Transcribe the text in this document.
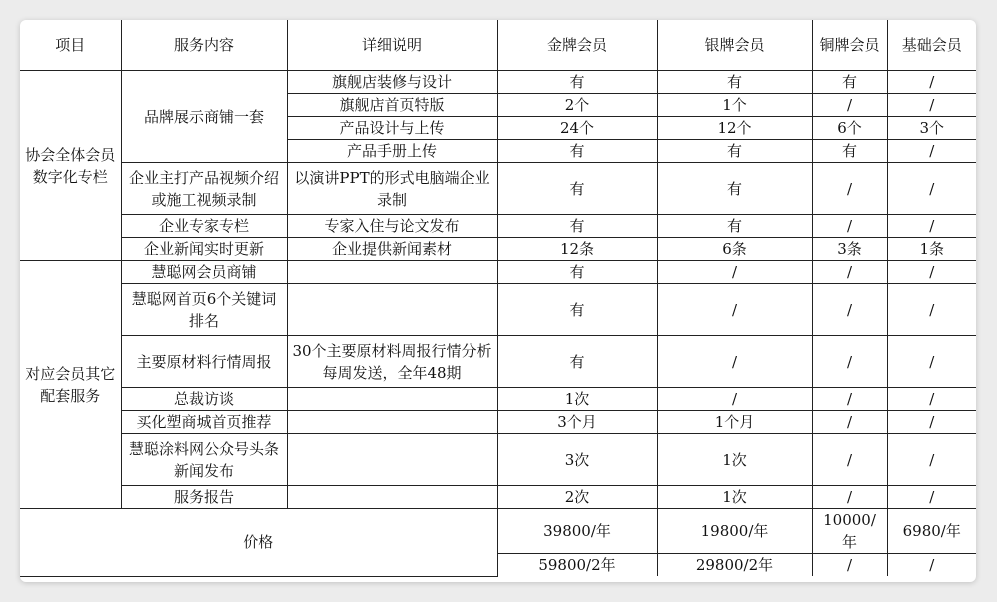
项目	服务内容	详细说明	金牌会员	银牌会员	铜牌会员	基础会员
协会全体会员数字化专栏	品牌展示商铺一套	旗舰店装修与设计	有	有	有	/
		旗舰店首页特版	2个	1个	/	/
		产品设计与上传	24个	12个	6个	3个
		产品手册上传	有	有	有	/
	企业主打产品视频介绍或施工视频录制	以演讲PPT的形式电脑端企业录制	有	有	/	/
	企业专家专栏	专家入住与论文发布	有	有	/	/
	企业新闻实时更新	企业提供新闻素材	12条	6条	3条	1条
对应会员其它配套服务	慧聪网会员商铺		有	/	/	/
	慧聪网首页6个关键词排名		有	/	/	/
	主要原材料行情周报	30个主要原材料周报行情分析每周发送，全年48期	有	/	/	/
	总裁访谈		1次	/	/	/
	买化塑商城首页推荐		3个月	1个月	/	/
	慧聪涂料网公众号头条新闻发布		3次	1次	/	/
	服务报告		2次	1次	/	/
价格			39800/年	19800/年	10000/年	6980/年
			59800/2年	29800/2年	/	/
